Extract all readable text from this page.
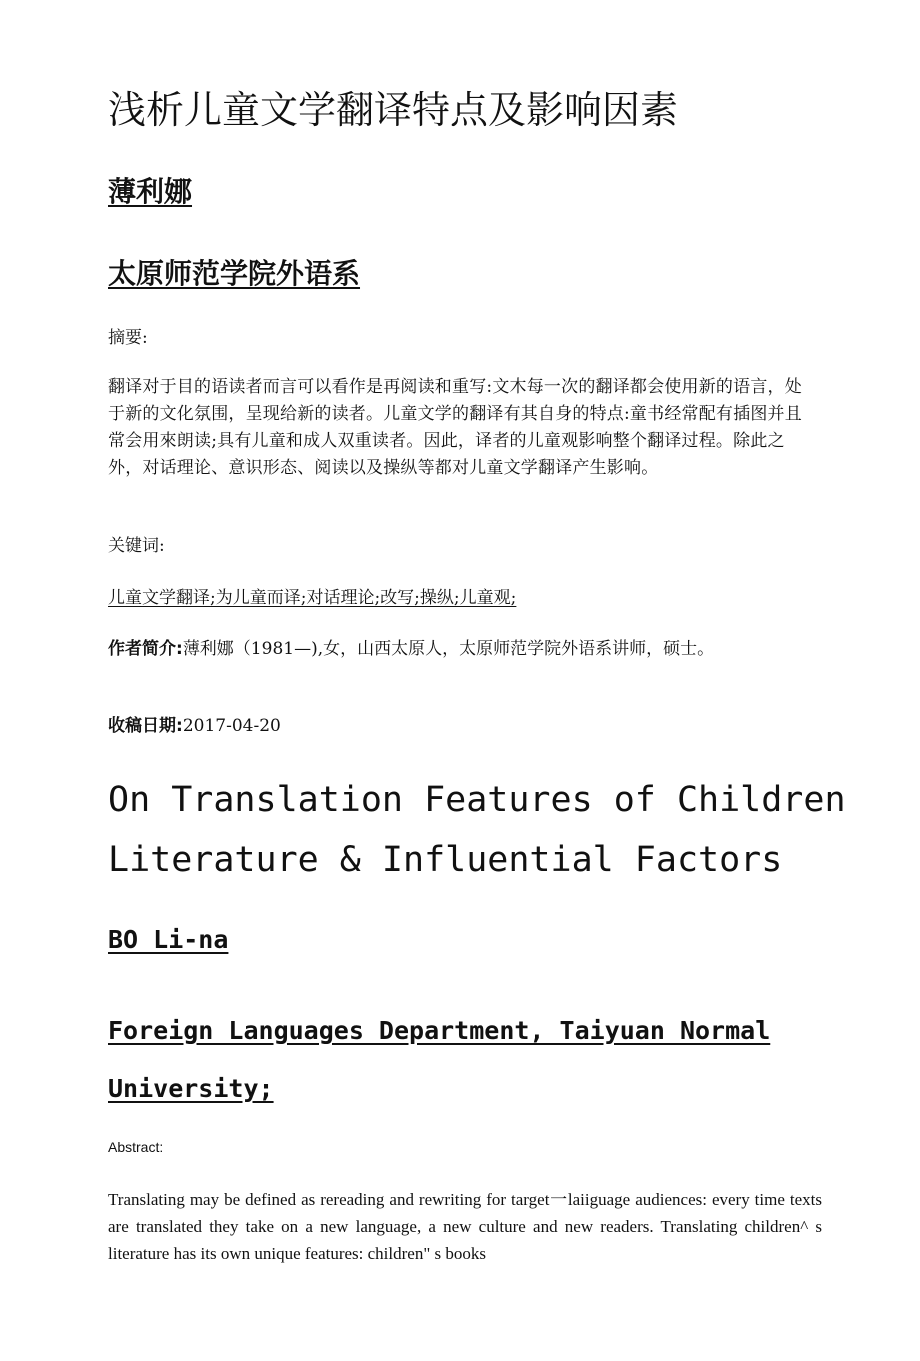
浅析儿童文学翻译特点及影响因素
薄利娜
太原师范学院外语系
摘要:
翻译对于目的语读者而言可以看作是再阅读和重写:文木每一次的翻译都会使用新的语言，处于新的文化氛围，呈现给新的读者。儿童文学的翻译有其自身的特点:童书经常配有插图并且常会用來朗读;具有儿童和成人双重读者。因此，译者的儿童观影响整个翻译过程。除此之外，对话理论、意识形态、阅读以及操纵等都对儿童文学翻译产生影响。
关键词:
儿童文学翻译;为儿童而译;对话理论;改写;操纵;儿童观;
作者简介:薄利娜（1981—),女，山西太原人，太原师范学院外语系讲师，硕士。
收稿日期:2017-04-20
On Translation Features of Children Literature & Influential Factors
BO Li-na
Foreign Languages Department, Taiyuan Normal University;
Abstract:
Translating may be defined as rereading and rewriting for target一laiiguage audiences: every time texts are translated they take on a new language, a new culture and new readers. Translating children^ s literature has its own unique features: children" s books
